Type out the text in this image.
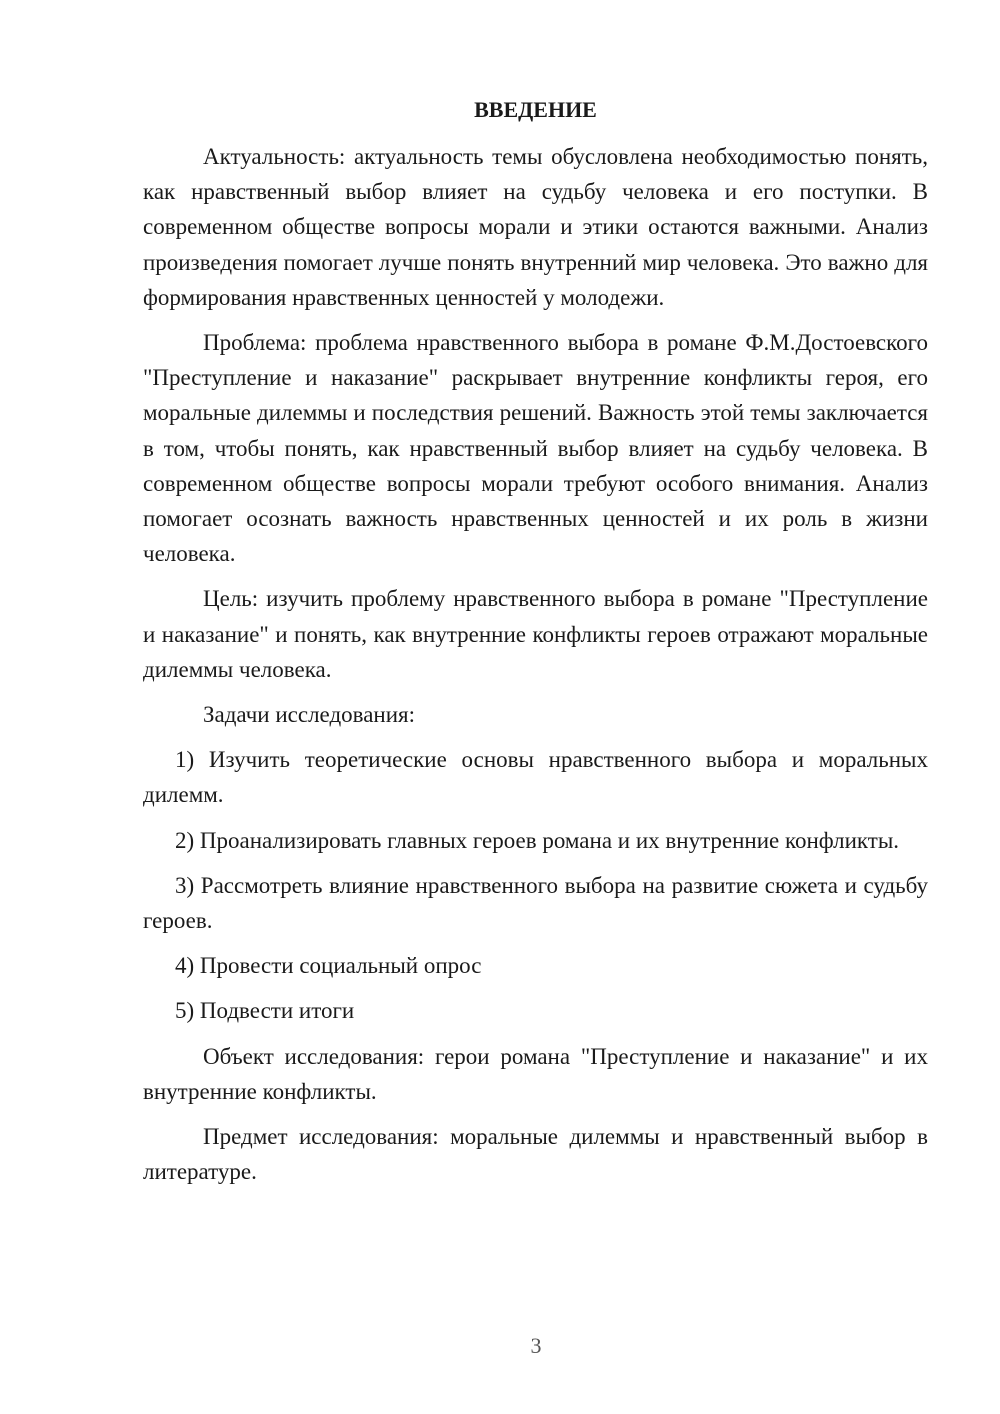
ВВЕДЕНИЕ

Актуальность: актуальность темы обусловлена необходимостью понять, как нравственный выбор влияет на судьбу человека и его поступки. В современном обществе вопросы морали и этики остаются важными. Анализ произведения помогает лучше понять внутренний мир человека. Это важно для формирования нравственных ценностей у молодежи.

Проблема: проблема нравственного выбора в романе Ф.М.Достоевского "Преступление и наказание" раскрывает внутренние конфликты героя, его моральные дилеммы и последствия решений. Важность этой темы заключается в том, чтобы понять, как нравственный выбор влияет на судьбу человека. В современном обществе вопросы морали требуют особого внимания. Анализ помогает осознать важность нравственных ценностей и их роль в жизни человека.

Цель: изучить проблему нравственного выбора в романе "Преступление и наказание" и понять, как внутренние конфликты героев отражают моральные дилеммы человека.

Задачи исследования:

1) Изучить теоретические основы нравственного выбора и моральных дилемм.

2) Проанализировать главных героев романа и их внутренние конфликты.

3) Рассмотреть влияние нравственного выбора на развитие сюжета и судьбу героев.

4) Провести социальный опрос

5) Подвести итоги

Объект исследования: герои романа "Преступление и наказание" и их внутренние конфликты.

Предмет исследования: моральные дилеммы и нравственный выбор в литературе.

3
